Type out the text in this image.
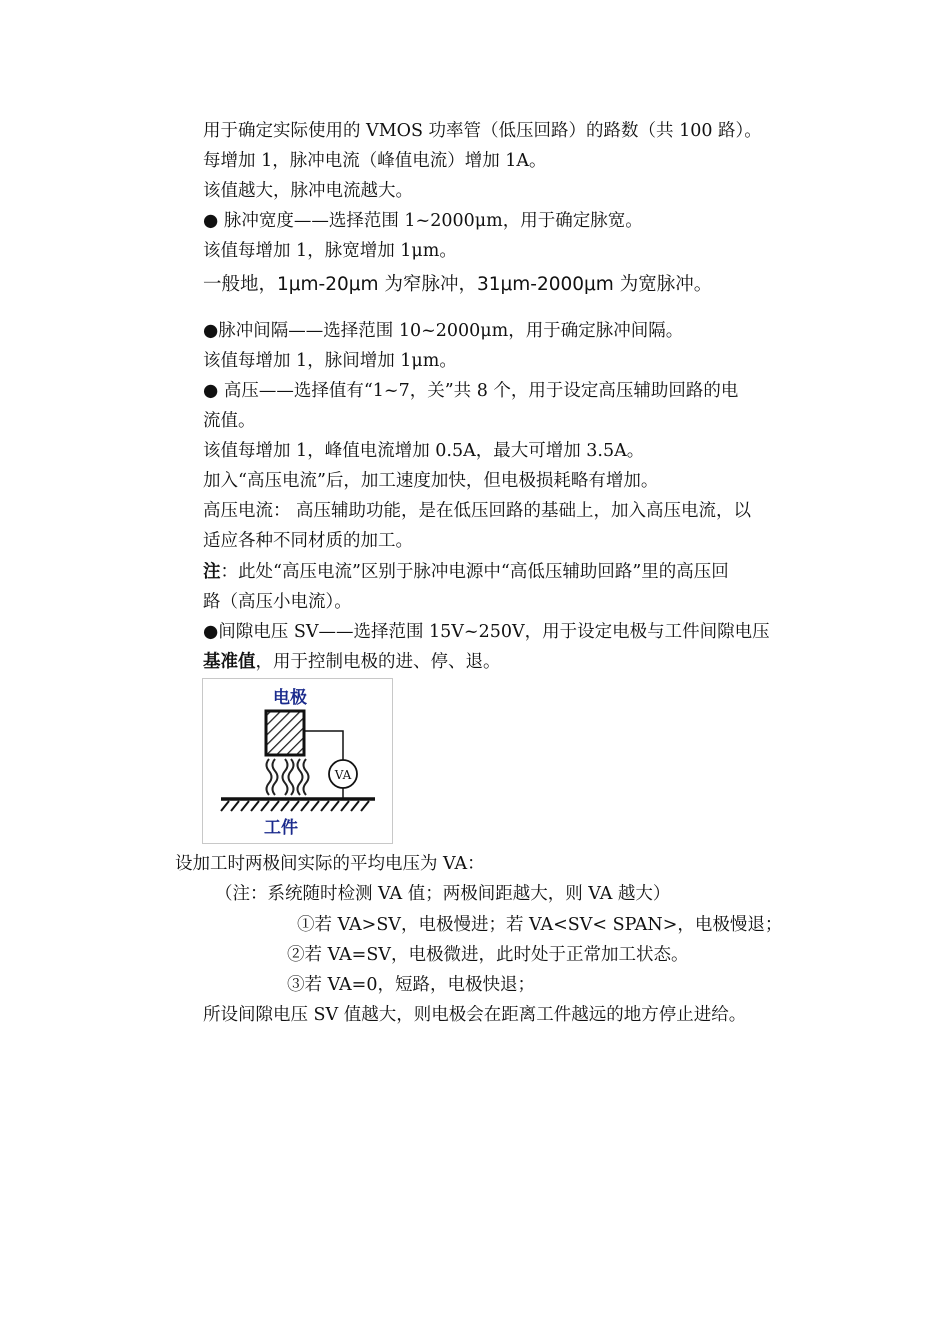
用于确定实际使用的 VMOS 功率管（低压回路）的路数（共 100 路）。
每增加 1，脉冲电流（峰值电流）增加 1A。
该值越大，脉冲电流越大。
● 脉冲宽度——选择范围 1~2000μm，用于确定脉宽。
该值每增加 1，脉宽增加 1μm。
一般地，1μm-20μm 为窄脉冲，31μm-2000μm 为宽脉冲。
●脉冲间隔——选择范围 10~2000μm，用于确定脉冲间隔。
该值每增加 1，脉间增加 1μm。
● 高压——选择值有“1~7，关”共 8 个，用于设定高压辅助回路的电
流值。
该值每增加 1，峰值电流增加 0.5A，最大可增加 3.5A。
加入“高压电流”后，加工速度加快，但电极损耗略有增加。
高压电流： 高压辅助功能，是在低压回路的基础上，加入高压电流，以
适应各种不同材质的加工。
注：此处“高压电流”区别于脉冲电源中“高低压辅助回路”里的高压回
路（高压小电流）。
●间隙电压 SV——选择范围 15V~250V，用于设定电极与工件间隙电压
基准值，用于控制电极的进、停、退。
电极
VA
工件
设加工时两极间实际的平均电压为 VA：
（注：系统随时检测 VA 值；两极间距越大，则 VA 越大）
①若 VA>SV，电极慢进；若 VA<SV< SPAN>，电极慢退；
②若 VA=SV，电极微进，此时处于正常加工状态。
③若 VA=0，短路，电极快退；
所设间隙电压 SV 值越大，则电极会在距离工件越远的地方停止进给。
